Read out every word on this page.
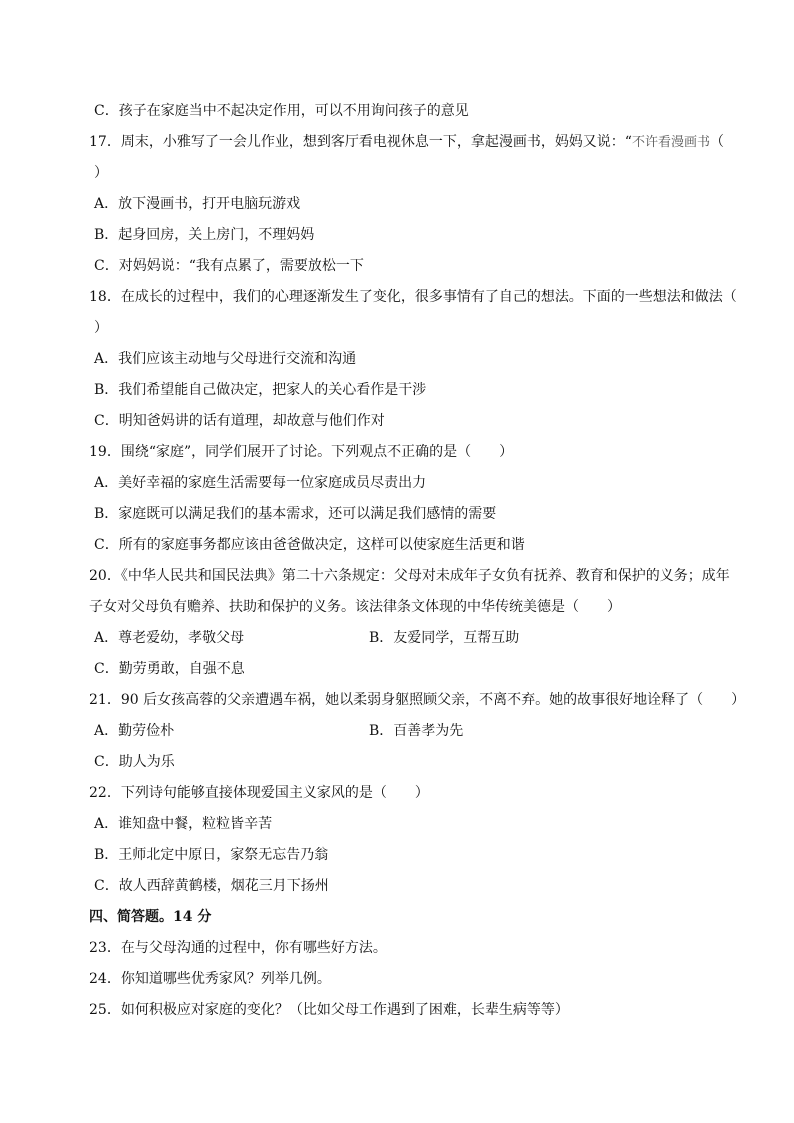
C．孩子在家庭当中不起决定作用，可以不用询问孩子的意见
17．周末，小雅写了一会儿作业，想到客厅看电视休息一下，拿起漫画书，妈妈又说：“不许看漫画书（
）
A．放下漫画书，打开电脑玩游戏
B．起身回房，关上房门，不理妈妈
C．对妈妈说：“我有点累了，需要放松一下
18．在成长的过程中，我们的心理逐渐发生了变化，很多事情有了自己的想法。下面的一些想法和做法（
）
A．我们应该主动地与父母进行交流和沟通
B．我们希望能自己做决定，把家人的关心看作是干涉
C．明知爸妈讲的话有道理，却故意与他们作对
19．围绕“家庭”，同学们展开了讨论。下列观点不正确的是（　　）
A．美好幸福的家庭生活需要每一位家庭成员尽责出力
B．家庭既可以满足我们的基本需求，还可以满足我们感情的需要
C．所有的家庭事务都应该由爸爸做决定，这样可以使家庭生活更和谐
20．《中华人民共和国民法典》第二十六条规定：父母对未成年子女负有抚养、教育和保护的义务；成年
子女对父母负有赡养、扶助和保护的义务。该法律条文体现的中华传统美德是（　　）
A．尊老爱幼，孝敬父母	B．友爱同学，互帮互助
C．勤劳勇敢，自强不息
21．90 后女孩高蓉的父亲遭遇车祸，她以柔弱身躯照顾父亲，不离不弃。她的故事很好地诠释了（　　）
A．勤劳俭朴	B．百善孝为先
C．助人为乐
22．下列诗句能够直接体现爱国主义家风的是（　　）
A．谁知盘中餐，粒粒皆辛苦
B．王师北定中原日，家祭无忘告乃翁
C．故人西辞黄鹤楼，烟花三月下扬州
四、简答题。14 分
23．在与父母沟通的过程中，你有哪些好方法。
24．你知道哪些优秀家风？列举几例。
25．如何积极应对家庭的变化？（比如父母工作遇到了困难，长辈生病等等）
